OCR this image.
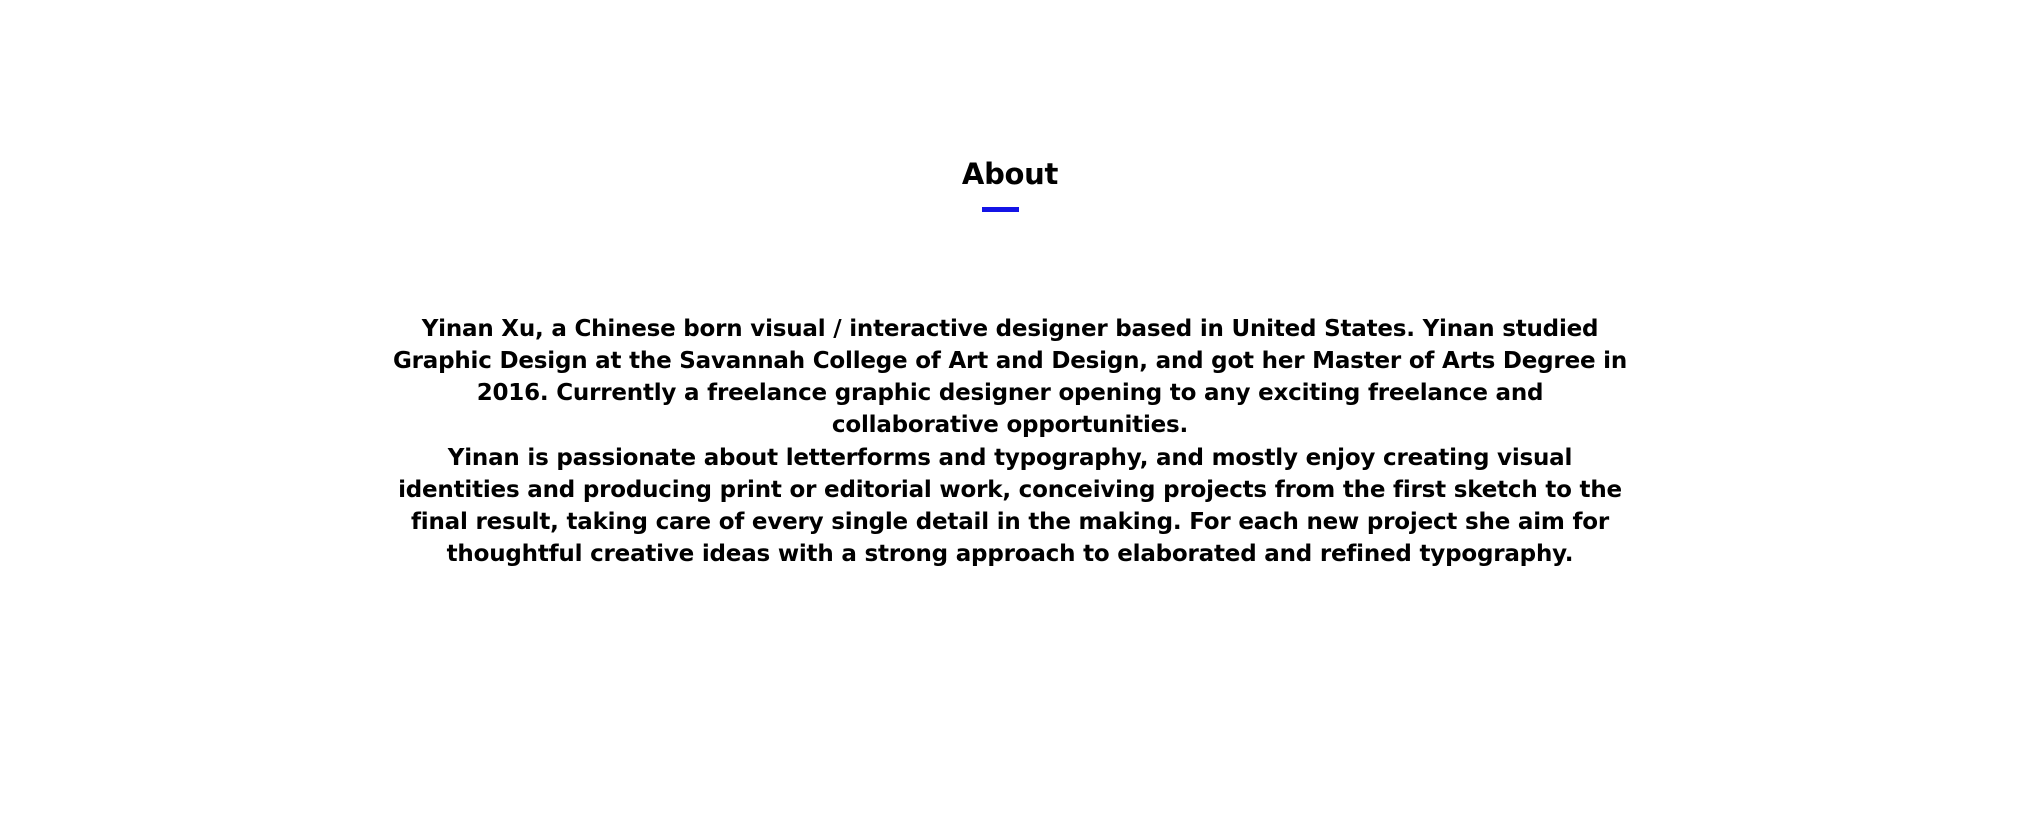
About

Yinan Xu, a Chinese born visual / interactive designer based in United States. Yinan studied Graphic Design at the Savannah College of Art and Design, and got her Master of Arts Degree in 2016. Currently a freelance graphic designer opening to any exciting freelance and collaborative opportunities.

Yinan is passionate about letterforms and typography, and mostly enjoy creating visual identities and producing print or editorial work, conceiving projects from the first sketch to the final result, taking care of every single detail in the making. For each new project she aim for thoughtful creative ideas with a strong approach to elaborated and refined typography.
